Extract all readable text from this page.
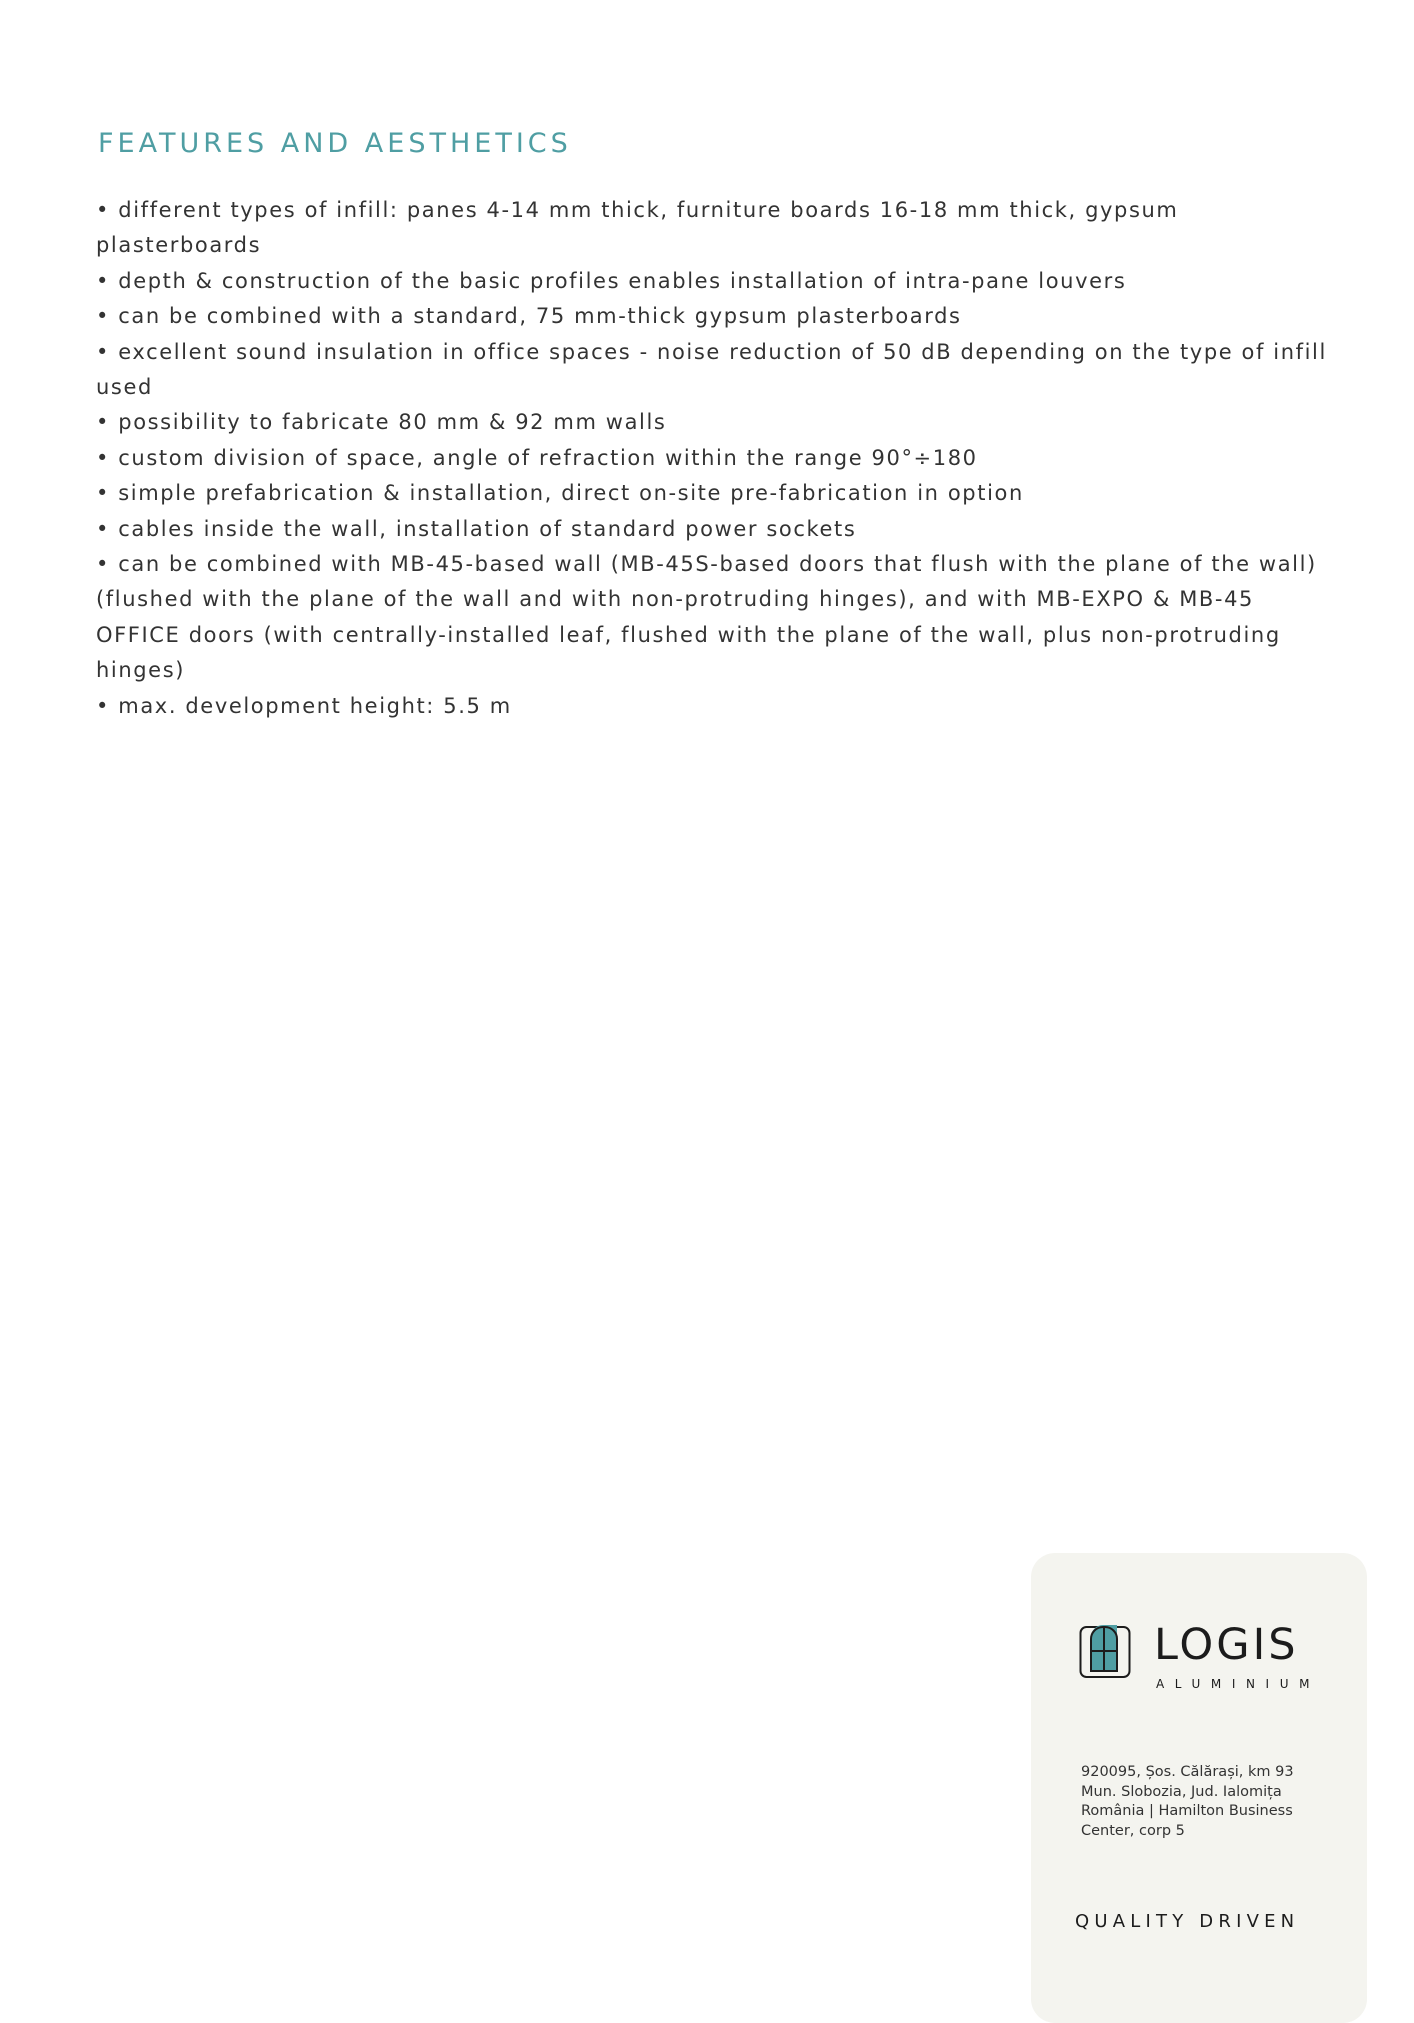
FEATURES AND AESTHETICS
• different types of infill: panes 4-14 mm thick, furniture boards 16-18 mm thick, gypsum plasterboards
• depth & construction of the basic profiles enables installation of intra-pane louvers
• can be combined with a standard, 75 mm-thick gypsum plasterboards
• excellent sound insulation in office spaces - noise reduction of 50 dB depending on the type of infill used
• possibility to fabricate 80 mm & 92 mm walls
• custom division of space, angle of refraction within the range 90°÷180
• simple prefabrication & installation, direct on-site pre-fabrication in option
• cables inside the wall, installation of standard power sockets
• can be combined with MB-45-based wall (MB-45S-based doors that flush with the plane of the wall) (flushed with the plane of the wall and with non-protruding hinges), and with MB-EXPO & MB-45 OFFICE doors (with centrally-installed leaf, flushed with the plane of the wall, plus non-protruding hinges)
• max. development height: 5.5 m
LOGIS
ALUMINIUM
920095, Șos. Călărași, km 93
Mun. Slobozia, Jud. Ialomița
România | Hamilton Business
Center, corp 5
QUALITY DRIVEN
